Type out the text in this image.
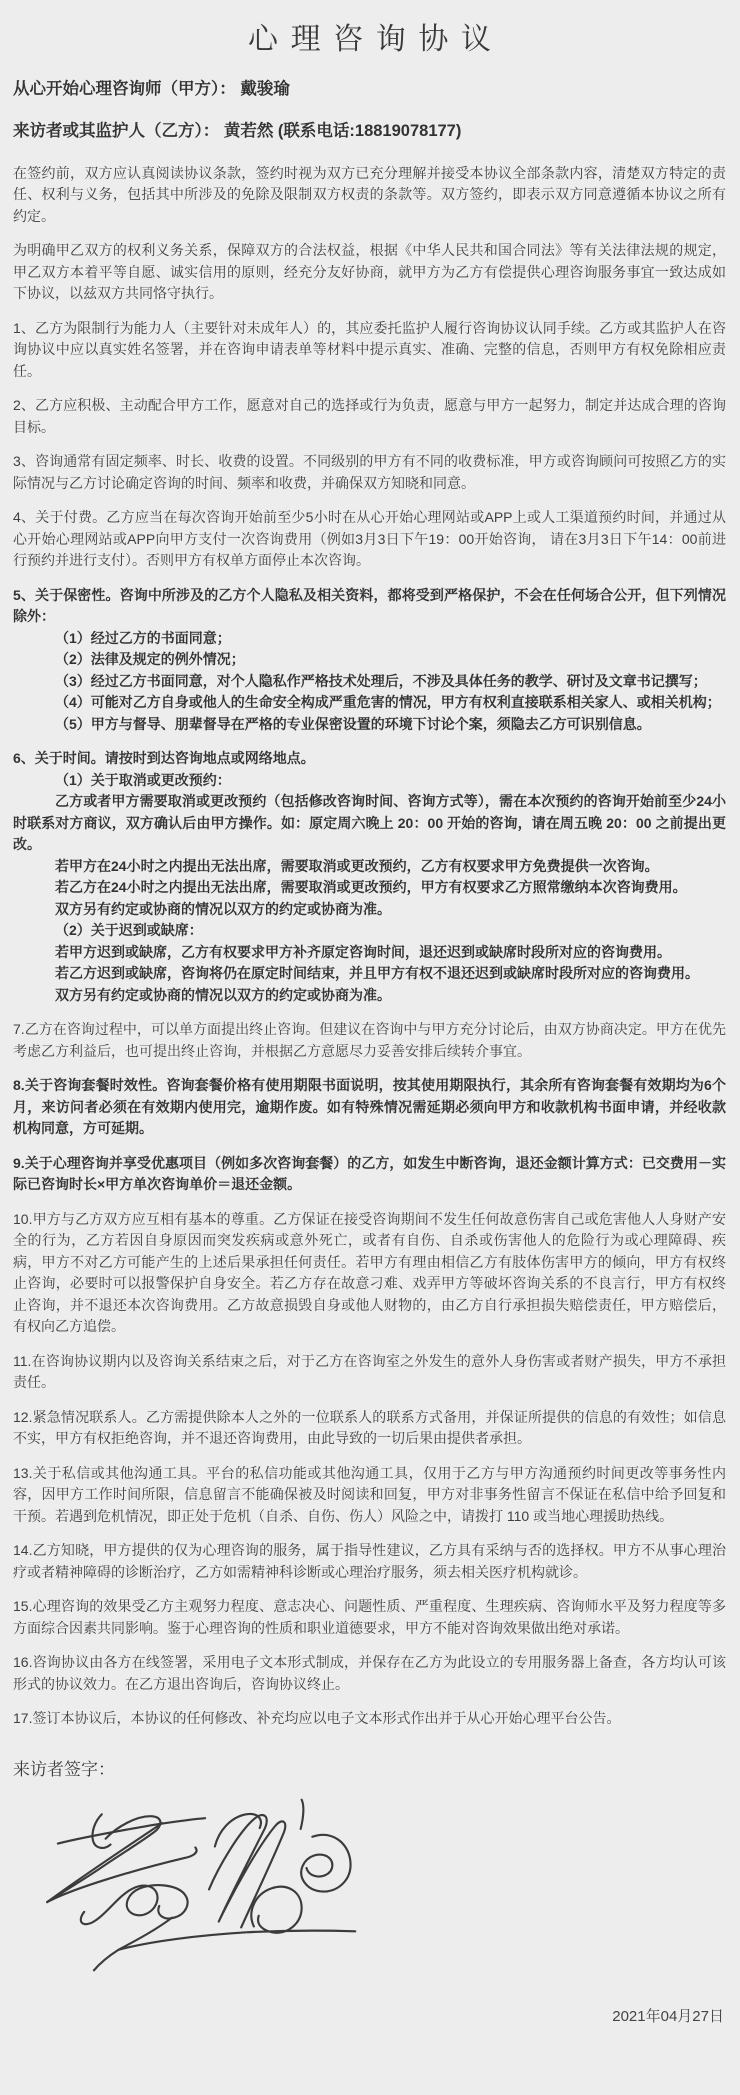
心理咨询协议

从心开始心理咨询师（甲方）： 戴骏瑜

来访者或其监护人（乙方）： 黄若然 (联系电话:18819078177)

在签约前，双方应认真阅读协议条款，签约时视为双方已充分理解并接受本协议全部条款内容，清楚双方特定的责任、权利与义务，包括其中所涉及的免除及限制双方权责的条款等。双方签约，即表示双方同意遵循本协议之所有约定。

为明确甲乙双方的权利义务关系，保障双方的合法权益，根据《中华人民共和国合同法》等有关法律法规的规定，甲乙双方本着平等自愿、诚实信用的原则，经充分友好协商，就甲方为乙方有偿提供心理咨询服务事宜一致达成如下协议，以兹双方共同恪守执行。

1、乙方为限制行为能力人（主要针对未成年人）的，其应委托监护人履行咨询协议认同手续。乙方或其监护人在咨询协议中应以真实姓名签署，并在咨询申请表单等材料中提示真实、准确、完整的信息，否则甲方有权免除相应责任。

2、乙方应积极、主动配合甲方工作，愿意对自己的选择或行为负责，愿意与甲方一起努力，制定并达成合理的咨询目标。

3、咨询通常有固定频率、时长、收费的设置。不同级别的甲方有不同的收费标准，甲方或咨询顾问可按照乙方的实际情况与乙方讨论确定咨询的时间、频率和收费，并确保双方知晓和同意。

4、关于付费。乙方应当在每次咨询开始前至少5小时在从心开始心理网站或APP上或人工渠道预约时间，并通过从心开始心理网站或APP向甲方支付一次咨询费用（例如3月3日下午19：00开始咨询， 请在3月3日下午14：00前进行预约并进行支付）。否则甲方有权单方面停止本次咨询。

5、关于保密性。咨询中所涉及的乙方个人隐私及相关资料，都将受到严格保护，不会在任何场合公开，但下列情况除外：

（1）经过乙方的书面同意；

（2）法律及规定的例外情况；

（3）经过乙方书面同意，对个人隐私作严格技术处理后，不涉及具体任务的教学、研讨及文章书记撰写；

（4）可能对乙方自身或他人的生命安全构成严重危害的情况，甲方有权利直接联系相关家人、或相关机构；

（5）甲方与督导、朋辈督导在严格的专业保密设置的环境下讨论个案，须隐去乙方可识别信息。

6、关于时间。请按时到达咨询地点或网络地点。

（1）关于取消或更改预约：

乙方或者甲方需要取消或更改预约（包括修改咨询时间、咨询方式等），需在本次预约的咨询开始前至少24小时联系对方商议，双方确认后由甲方操作。如：原定周六晚上 20：00 开始的咨询，请在周五晚 20：00 之前提出更改。

若甲方在24小时之内提出无法出席，需要取消或更改预约，乙方有权要求甲方免费提供一次咨询。

若乙方在24小时之内提出无法出席，需要取消或更改预约，甲方有权要求乙方照常缴纳本次咨询费用。

双方另有约定或协商的情况以双方的约定或协商为准。

（2）关于迟到或缺席：

若甲方迟到或缺席，乙方有权要求甲方补齐原定咨询时间，退还迟到或缺席时段所对应的咨询费用。

若乙方迟到或缺席，咨询将仍在原定时间结束，并且甲方有权不退还迟到或缺席时段所对应的咨询费用。

双方另有约定或协商的情况以双方的约定或协商为准。

7.乙方在咨询过程中，可以单方面提出终止咨询。但建议在咨询中与甲方充分讨论后，由双方协商决定。甲方在优先考虑乙方利益后，也可提出终止咨询，并根据乙方意愿尽力妥善安排后续转介事宜。

8.关于咨询套餐时效性。咨询套餐价格有使用期限书面说明，按其使用期限执行，其余所有咨询套餐有效期均为6个月，来访问者必须在有效期内使用完，逾期作废。如有特殊情况需延期必须向甲方和收款机构书面申请，并经收款机构同意，方可延期。

9.关于心理咨询并享受优惠项目（例如多次咨询套餐）的乙方，如发生中断咨询，退还金额计算方式：已交费用－实际已咨询时长×甲方单次咨询单价＝退还金额。

10.甲方与乙方双方应互相有基本的尊重。乙方保证在接受咨询期间不发生任何故意伤害自己或危害他人人身财产安全的行为，乙方若因自身原因而突发疾病或意外死亡，或者有自伤、自杀或伤害他人的危险行为或心理障碍、疾病，甲方不对乙方可能产生的上述后果承担任何责任。若甲方有理由相信乙方有肢体伤害甲方的倾向，甲方有权终止咨询，必要时可以报警保护自身安全。若乙方存在故意刁难、戏弄甲方等破坏咨询关系的不良言行，甲方有权终止咨询，并不退还本次咨询费用。乙方故意损毁自身或他人财物的，由乙方自行承担损失赔偿责任，甲方赔偿后，有权向乙方追偿。

11.在咨询协议期内以及咨询关系结束之后，对于乙方在咨询室之外发生的意外人身伤害或者财产损失，甲方不承担责任。

12.紧急情况联系人。乙方需提供除本人之外的一位联系人的联系方式备用，并保证所提供的信息的有效性；如信息不实，甲方有权拒绝咨询，并不退还咨询费用，由此导致的一切后果由提供者承担。

13.关于私信或其他沟通工具。平台的私信功能或其他沟通工具，仅用于乙方与甲方沟通预约时间更改等事务性内容，因甲方工作时间所限，信息留言不能确保被及时阅读和回复，甲方对非事务性留言不保证在私信中给予回复和干预。若遇到危机情况，即正处于危机（自杀、自伤、伤人）风险之中，请拨打 110 或当地心理援助热线。

14.乙方知晓，甲方提供的仅为心理咨询的服务，属于指导性建议，乙方具有采纳与否的选择权。甲方不从事心理治疗或者精神障碍的诊断治疗，乙方如需精神科诊断或心理治疗服务，须去相关医疗机构就诊。

15.心理咨询的效果受乙方主观努力程度、意志决心、问题性质、严重程度、生理疾病、咨询师水平及努力程度等多方面综合因素共同影响。鉴于心理咨询的性质和职业道德要求，甲方不能对咨询效果做出绝对承诺。

16.咨询协议由各方在线签署，采用电子文本形式制成，并保存在乙方为此设立的专用服务器上备查，各方均认可该形式的协议效力。在乙方退出咨询后，咨询协议终止。

17.签订本协议后，本协议的任何修改、补充均应以电子文本形式作出并于从心开始心理平台公告。

来访者签字：

2021年04月27日
